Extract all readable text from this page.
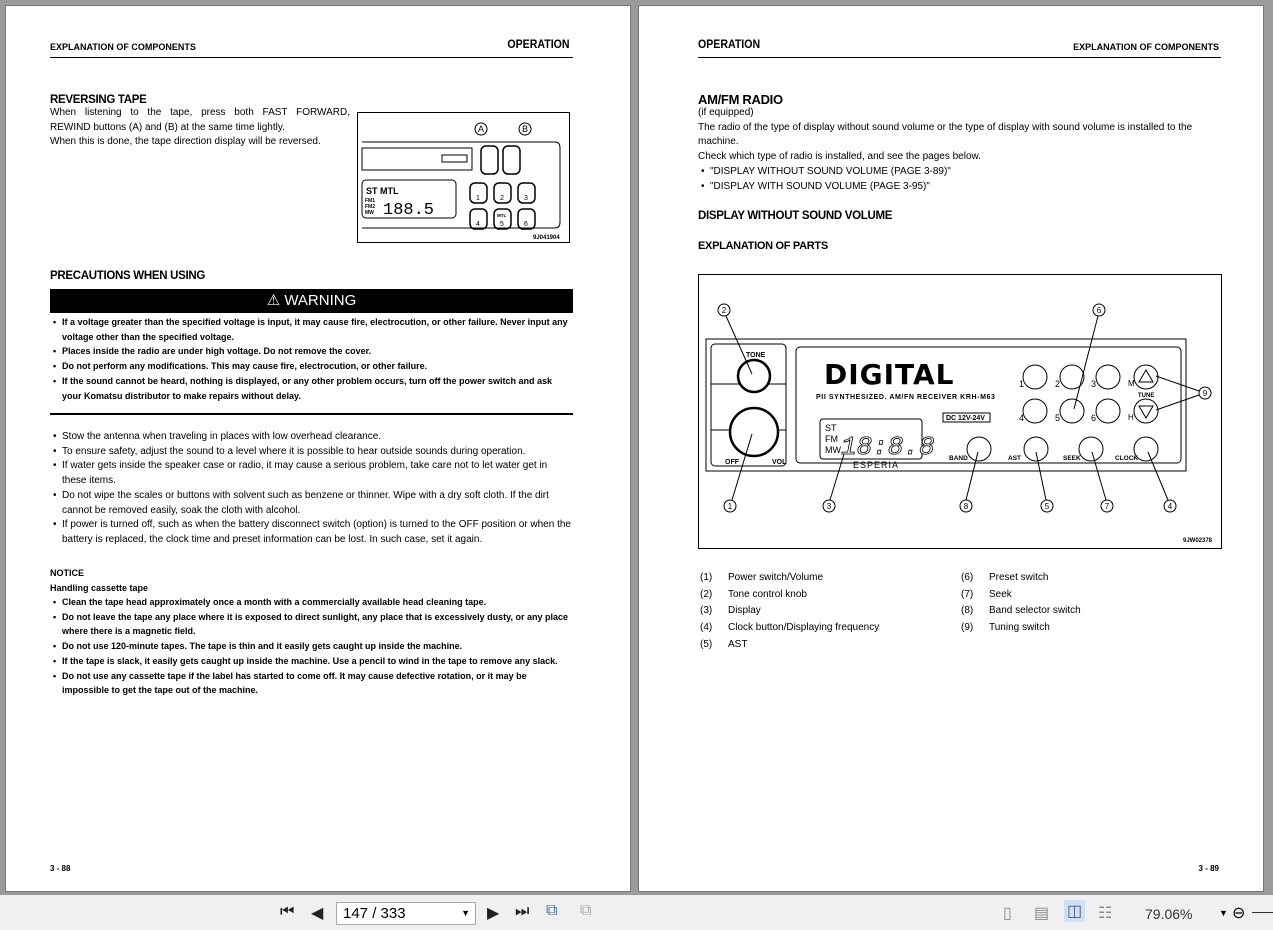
EXPLANATION OF COMPONENTS	OPERATION
REVERSING TAPE
When listening to the tape, press both FAST FORWARD,
REWIND buttons (A) and (B) at the same time lightly.
When this is done, the tape direction display will be reversed.
ST MTL
FM1
FM2
MW 188.5
A	B
1	2	3
4	5	6
MTL
9J041904
PRECAUTIONS WHEN USING
⚠ WARNING
• If a voltage greater than the specified voltage is input, it may cause fire, electrocution, or other failure. Never input any voltage other than the specified voltage.
• Places inside the radio are under high voltage. Do not remove the cover.
• Do not perform any modifications. This may cause fire, electrocution, or other failure.
• If the sound cannot be heard, nothing is displayed, or any other problem occurs, turn off the power switch and ask your Komatsu distributor to make repairs without delay.
• Stow the antenna when traveling in places with low overhead clearance.
• To ensure safety, adjust the sound to a level where it is possible to hear outside sounds during operation.
• If water gets inside the speaker case or radio, it may cause a serious problem, take care not to let water get in these items.
• Do not wipe the scales or buttons with solvent such as benzene or thinner. Wipe with a dry soft cloth. If the dirt cannot be removed easily, soak the cloth with alcohol.
• If power is turned off, such as when the battery disconnect switch (option) is turned to the OFF position or when the battery is replaced, the clock time and preset information can be lost. In such case, set it again.
NOTICE
Handling cassette tape
• Clean the tape head approximately once a month with a commercially available head cleaning tape.
• Do not leave the tape any place where it is exposed to direct sunlight, any place that is excessively dusty, or any place where there is a magnetic field.
• Do not use 120-minute tapes. The tape is thin and it easily gets caught up inside the machine.
• If the tape is slack, it easily gets caught up inside the machine. Use a pencil to wind in the tape to remove any slack.
• Do not use any cassette tape if the label has started to come off. It may cause defective rotation, or it may be impossible to get the tape out of the machine.
3 - 88
OPERATION	EXPLANATION OF COMPONENTS
AM/FM RADIO
(if equipped)
The radio of the type of display without sound volume or the type of display with sound volume is installed to the machine.
Check which type of radio is installed, and see the pages below.
• "DISPLAY WITHOUT SOUND VOLUME (PAGE 3-89)"
• "DISPLAY WITH SOUND VOLUME (PAGE 3-95)"
DISPLAY WITHOUT SOUND VOLUME
EXPLANATION OF PARTS
TONE
OFF	VOL
DIGITAL
PII SYNTHESIZED. AM/FN RECEIVER KRH-M63
DC 12V-24V
ST
FM
MW 18:8.8
ESPERIA
1	2	3
4	5	6
M
H
TUNE
BAND	AST	SEEK	CLOCK
2	6
1	3	8	5	7	4
9
9JW02378
(1)	Power switch/Volume
(2)	Tone control knob
(3)	Display
(4)	Clock button/Displaying frequency
(5)	AST
(6)	Preset switch
(7)	Seek
(8)	Band selector switch
(9)	Tuning switch
3 - 89
⏮ ◀	147 / 333	▼ ▶ ⏭ ⧉ ⧉	▯ ▤ ◫ ☷ 79.06%	▼ ⊖
